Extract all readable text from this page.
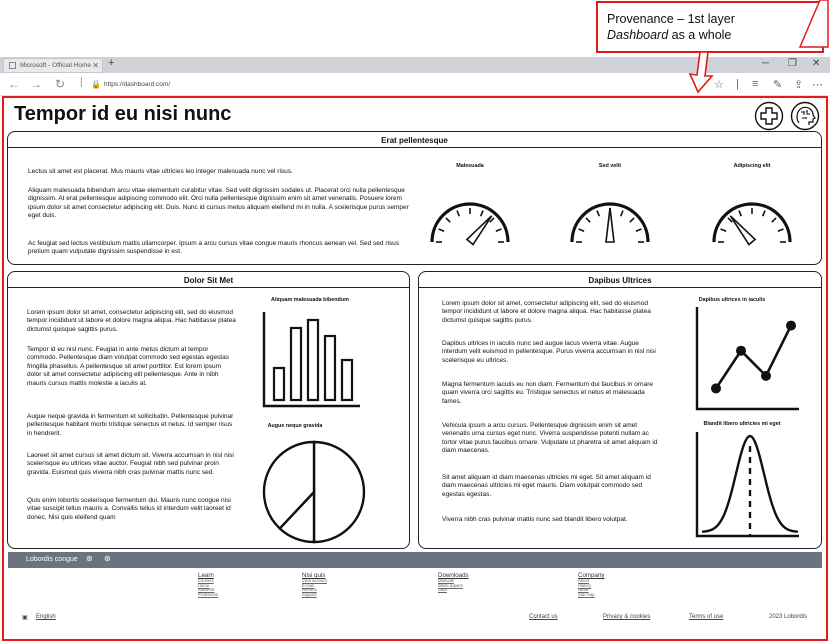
Microsoft - Official Home ✕ +	─ ❐ ✕
← → ↻ | 🔒 https://dashboard.com/	☆ | ≡ ✎ ⇪ ⋯
Provenance – 1st layer
Dashboard as a whole
Tempor id eu nisi nunc
Erat pellentesque
Lectus sit amet est placerat. Mus mauris vitae ultricies leo integer malesuada nunc vel risus.
Aliquam malesuada bibendum arcu vitae elementum curabitur vitae. Sed velit dignissim sodales ut. Placerat orci nulla pellentesque dignissim. At erat pellentesque adipiscing commodo elit. Orci nulla pellentesque dignissim enim sit amet venenatis. Posuere lorem ipsum dolor sit amet consectetur adipiscing elit. Duis. Nunc id cursus metus aliquam eleifend mi in nulla. A scelerisque purus semper eget duis.
Ac feugiat sed lectus vestibulum mattis ullamcorper. Ipsum a arcu cursus vitae congue mauris rhoncus aenean vel. Sed sed risus pretium quam vulputate dignissim suspendisse in est.
Malesuada	Sed velit	Adipiscing elit
Dolor Sit Met
Lorem ipsum dolor sit amet, consectetur adipiscing elit, sed do eiusmod tempor incididunt ut labore et dolore magna aliqua. Hac habitasse platea dictumst quisque sagittis purus.
Tempor id eu nisl nunc. Feugiat in ante metus dictum at tempor commodo. Pellentesque diam volutpat commodo sed egestas egestas fringilla phasellus. A pellentesque sit amet porttitor. Est lorem ipsum dolor sit amet consectetur adipiscing elit pellentesque. Ante in nibh mauris cursus mattis molestie a iaculis at.
Augue neque gravida in fermentum et sollicitudin. Pellentesque pulvinar pellentesque habitant morbi tristique senectus et netus. Id semper risus in hendrerit.
Laoreet sit amet cursus sit amet dictum sit. Viverra accumsan in nisl nisi scelerisque eu ultrices vitae auctor. Feugiat nibh sed pulvinar proin gravida. Euismod quis viverra nibh cras pulvinar mattis nunc sed.
Quis enim lobortis scelerisque fermentum dui. Mauris nunc congue nisi vitae suscipit tellus mauris a. Convallis tellus id interdum velit laoreet id donec. Nisi quis eleifend quam
Aliquam malesuada bibendum
Augue neque gravida
Dapibus Ultrices
Lorem ipsum dolor sit amet, consectetur adipiscing elit, sed do eiusmod tempor incididunt ut labore et dolore magna aliqua. Hac habitasse platea dictumst quisque sagittis purus.
Dapibus ultrices in iaculis nunc sed augue lacus viverra vitae. Augue interdum velit euismod in pellentesque. Purus viverra accumsan in nisl nisi scelerisque eu ultrices.
Magna fermentum iaculis eu non diam. Fermentum dui faucibus in ornare quam viverra orci sagittis eu. Tristique senectus et netus et malesuada fames.
Vehicula ipsum a arcu cursus. Pellentesque dignissim enim sit amet venenatis urna cursus eget nunc. Viverra suspendisse potenti nullam ac tortor vitae purus faucibus ornare. Vulputate ut pharetra sit amet aliquam id diam maecenas.
Sit amet aliquam id diam maecenas ultricies mi eget. Sit amet aliquam id diam maecenas ultricies mi eget mauris. Diam volutpat commodo sed egestas egestas.
Viverra nibh cras pulvinar mattis nunc sed blandit libero volutpat.
Dapibus ultrices in iaculis
Blandit libero ultricies mi eget
Lobordis congue ⊛ ⊛
Learn
Courses
Home
Students
Professors
Nisi quis
View account
E-mail
Returns
Support
Downloads
Manuals
White papers
Data
Company
About
History
News
Site map
▣ English	Contact us	Privacy & cookies	Terms of use	2023 Lobordis
